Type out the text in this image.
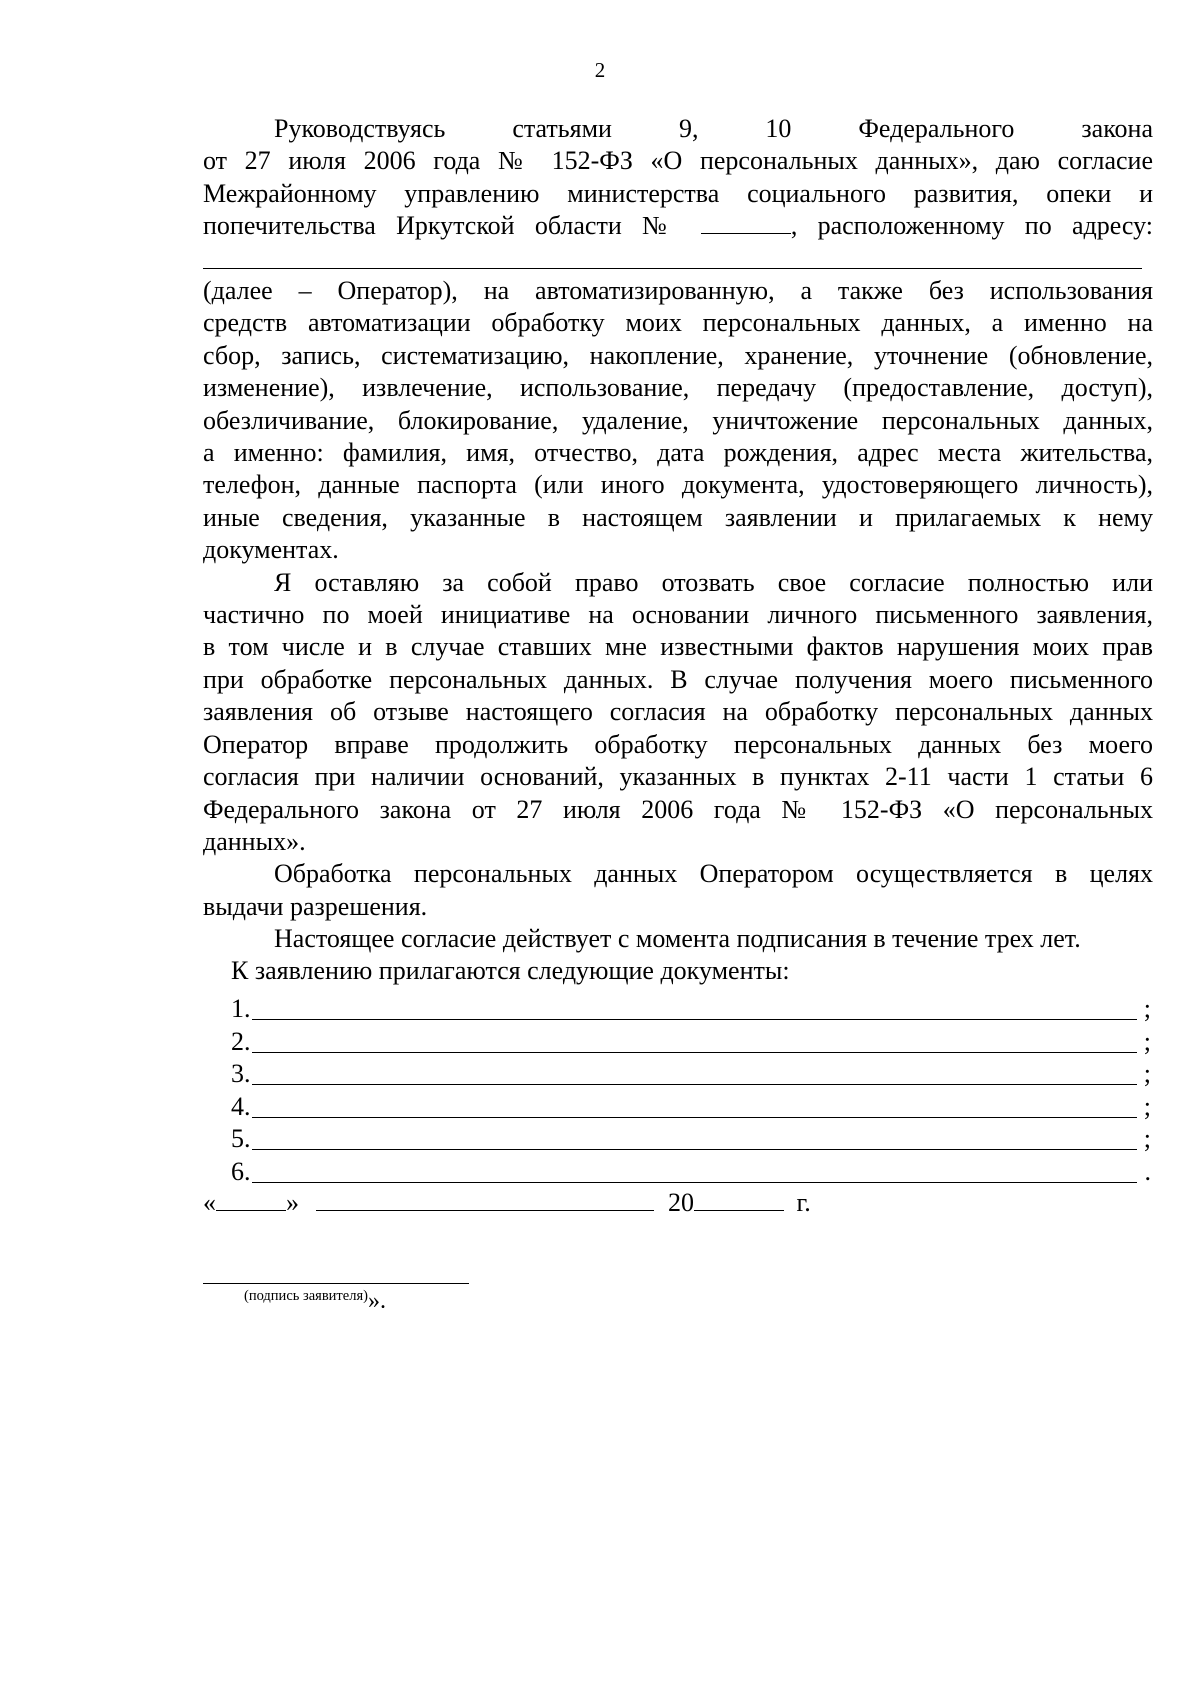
2
Руководствуясь статьями 9, 10 Федерального закона
от 27 июля 2006 года № 152-ФЗ «О персональных данных», даю согласие
Межрайонному управлению министерства социального развития, опеки и
попечительства Иркутской области №	, расположенному по адресу:
(далее – Оператор), на автоматизированную, а также без использования
средств автоматизации обработку моих персональных данных, а именно на
сбор, запись, систематизацию, накопление, хранение, уточнение (обновление,
изменение), извлечение, использование, передачу (предоставление, доступ),
обезличивание, блокирование, удаление, уничтожение персональных данных,
а именно: фамилия, имя, отчество, дата рождения, адрес места жительства,
телефон, данные паспорта (или иного документа, удостоверяющего личность),
иные сведения, указанные в настоящем заявлении и прилагаемых к нему
документах.
Я оставляю за собой право отозвать свое согласие полностью или
частично по моей инициативе на основании личного письменного заявления,
в том числе и в случае ставших мне известными фактов нарушения моих прав
при обработке персональных данных. В случае получения моего письменного
заявления об отзыве настоящего согласия на обработку персональных данных
Оператор вправе продолжить обработку персональных данных без моего
согласия при наличии оснований, указанных в пунктах 2-11 части 1 статьи 6
Федерального закона от 27 июля 2006 года № 152-ФЗ «О персональных
данных».
Обработка персональных данных Оператором осуществляется в целях
выдачи разрешения.
Настоящее согласие действует с момента подписания в течение трех лет.
К заявлению прилагаются следующие документы:
1.	;
2.	;
3.	;
4.	;
5.	;
6.	.
«	»	20	г.
(подпись заявителя)».
